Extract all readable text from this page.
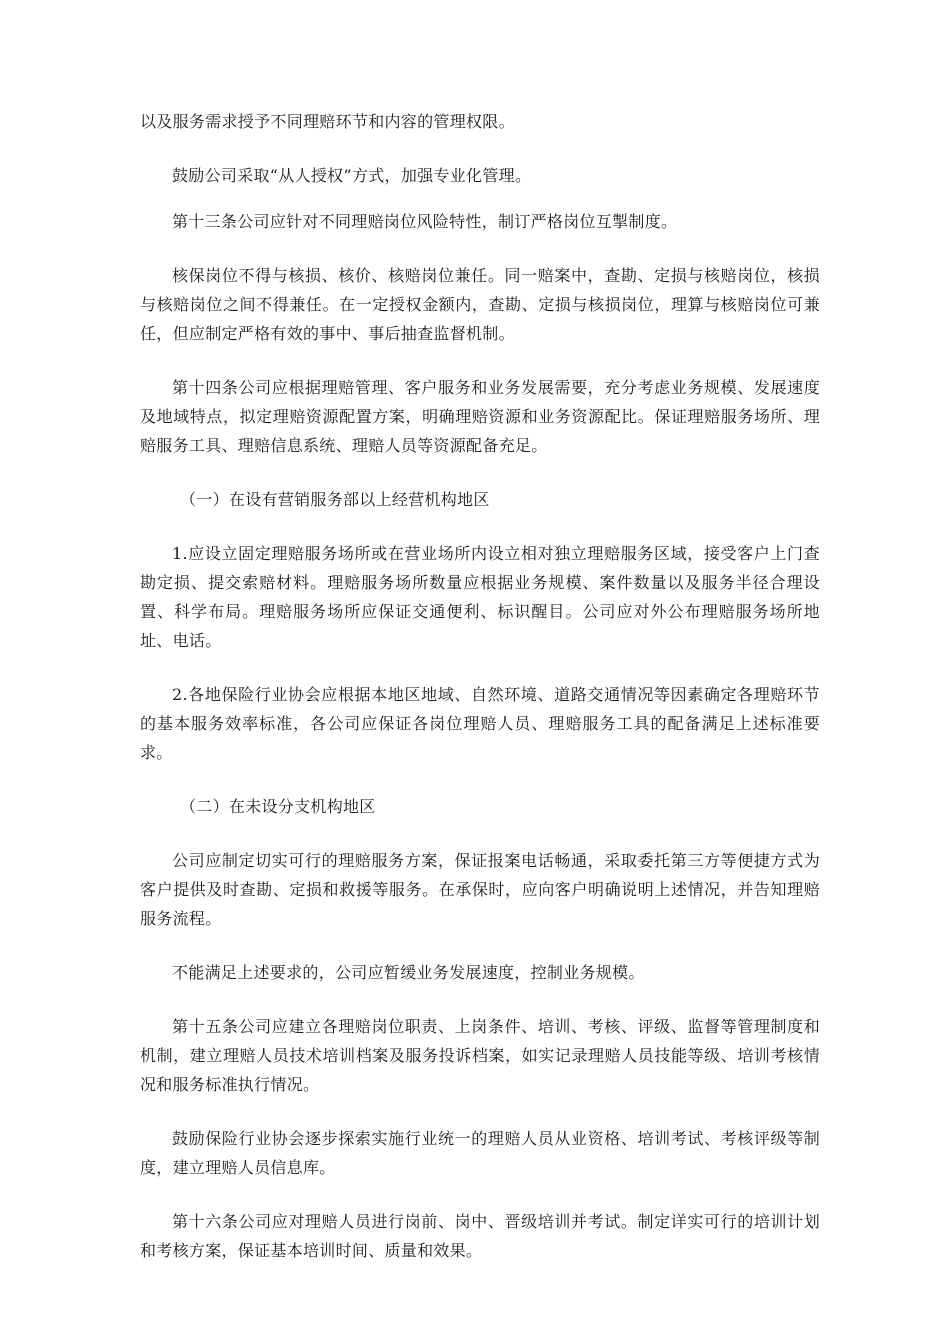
以及服务需求授予不同理赔环节和内容的管理权限。

鼓励公司采取“从人授权”方式，加强专业化管理。

第十三条公司应针对不同理赔岗位风险特性，制订严格岗位互掣制度。

核保岗位不得与核损、核价、核赔岗位兼任。同一赔案中，查勘、定损与核赔岗位，核损与核赔岗位之间不得兼任。在一定授权金额内，查勘、定损与核损岗位，理算与核赔岗位可兼任，但应制定严格有效的事中、事后抽查监督机制。

第十四条公司应根据理赔管理、客户服务和业务发展需要，充分考虑业务规模、发展速度及地域特点，拟定理赔资源配置方案，明确理赔资源和业务资源配比。保证理赔服务场所、理赔服务工具、理赔信息系统、理赔人员等资源配备充足。

（一）在设有营销服务部以上经营机构地区

1.应设立固定理赔服务场所或在营业场所内设立相对独立理赔服务区域，接受客户上门查勘定损、提交索赔材料。理赔服务场所数量应根据业务规模、案件数量以及服务半径合理设置、科学布局。理赔服务场所应保证交通便利、标识醒目。公司应对外公布理赔服务场所地址、电话。

2.各地保险行业协会应根据本地区地域、自然环境、道路交通情况等因素确定各理赔环节的基本服务效率标准，各公司应保证各岗位理赔人员、理赔服务工具的配备满足上述标准要求。

（二）在未设分支机构地区

公司应制定切实可行的理赔服务方案，保证报案电话畅通，采取委托第三方等便捷方式为客户提供及时查勘、定损和救援等服务。在承保时，应向客户明确说明上述情况，并告知理赔服务流程。

不能满足上述要求的，公司应暂缓业务发展速度，控制业务规模。

第十五条公司应建立各理赔岗位职责、上岗条件、培训、考核、评级、监督等管理制度和机制，建立理赔人员技术培训档案及服务投诉档案，如实记录理赔人员技能等级、培训考核情况和服务标准执行情况。

鼓励保险行业协会逐步探索实施行业统一的理赔人员从业资格、培训考试、考核评级等制度，建立理赔人员信息库。

第十六条公司应对理赔人员进行岗前、岗中、晋级培训并考试。制定详实可行的培训计划和考核方案，保证基本培训时间、质量和效果。
